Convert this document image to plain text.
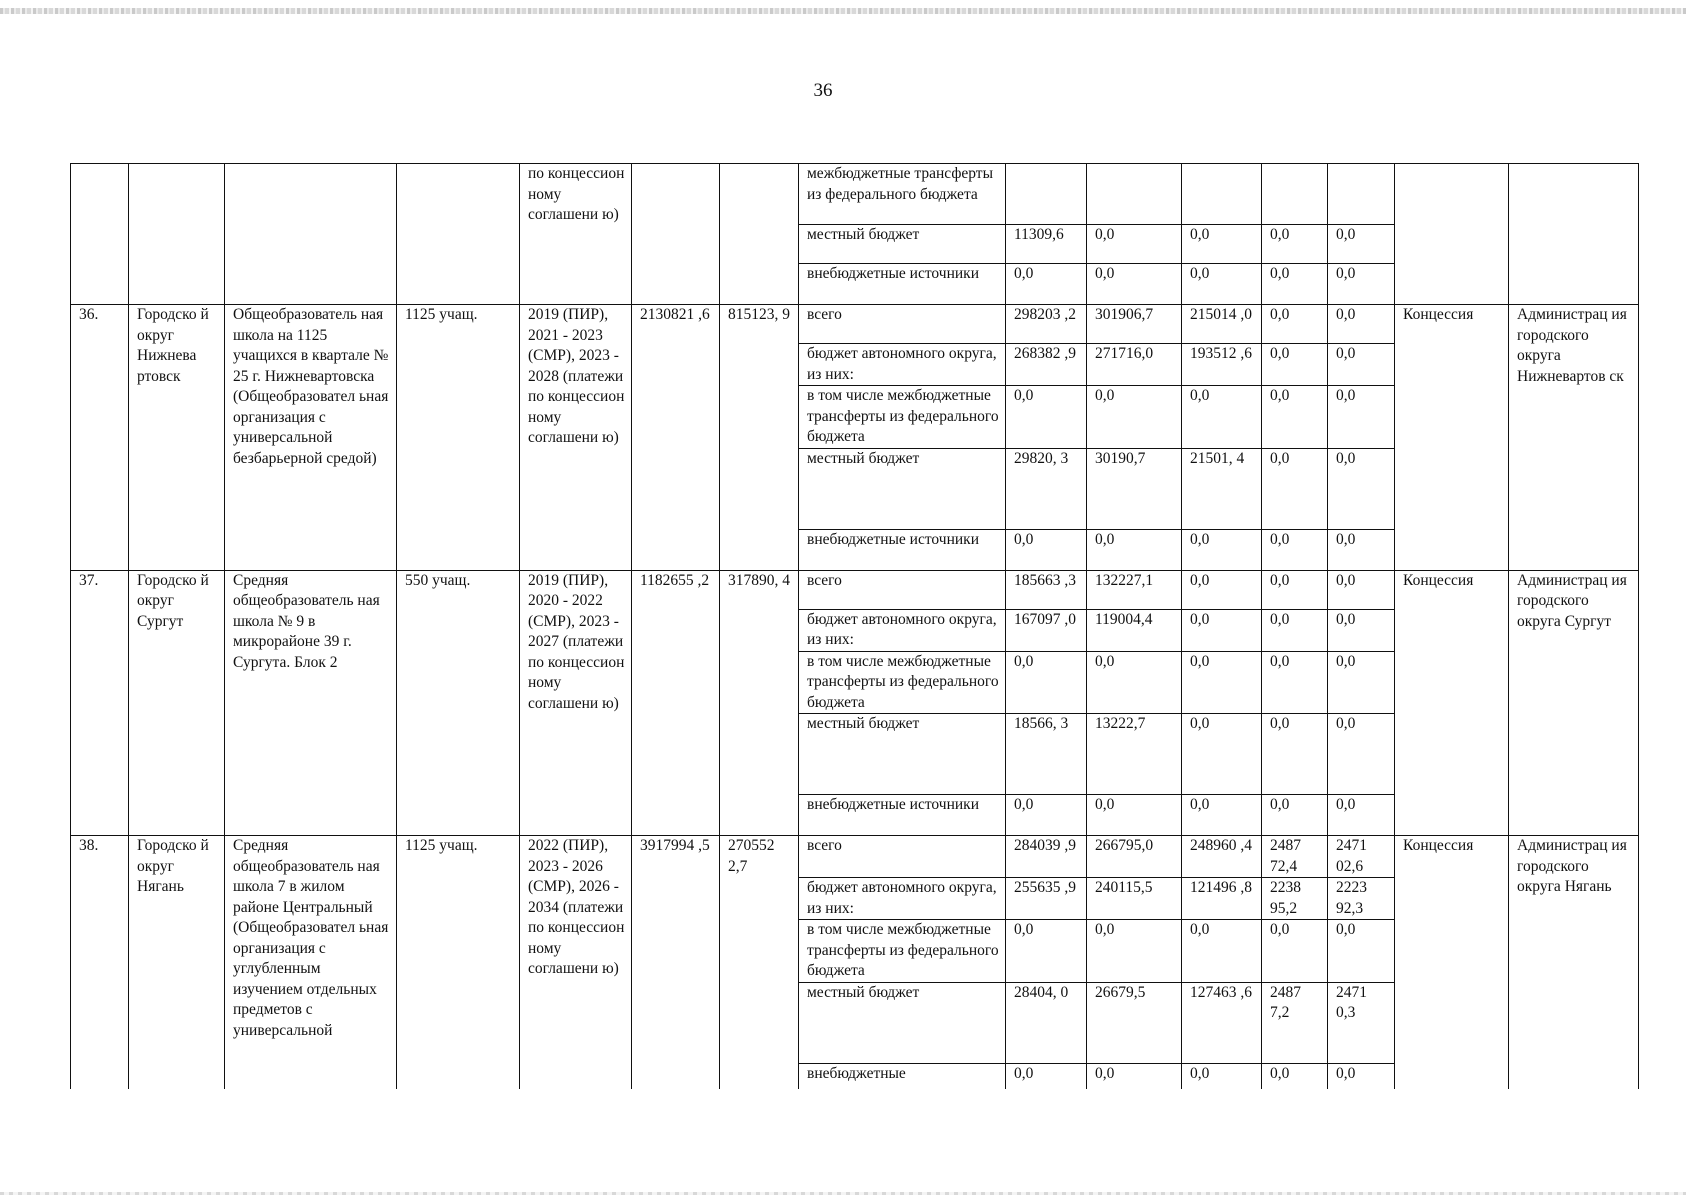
36
				по концессион ному соглашени ю)			межбюджетные трансферты из федерального бюджета							
							местный бюджет	11309,6	0,0	0,0	0,0	0,0		
							внебюджетные источники	0,0	0,0	0,0	0,0	0,0		
36.	Городско й округ Нижнева ртовск	Общеобразователь ная школа на 1125 учащихся в квартале № 25 г. Нижневартовска (Общеобразовател ьная организация с универсальной безбарьерной средой)	1125 учащ.	2019 (ПИР), 2021 - 2023 (СМР), 2023 - 2028 (платежи по концессион ному соглашени ю)	2130821 ,6	815123, 9	всего	298203 ,2	301906,7	215014 ,0	0,0	0,0	Концессия	Администрац ия городского округа Нижневартов ск
							бюджет автономного округа, из них:	268382 ,9	271716,0	193512 ,6	0,0	0,0		
							в том числе межбюджетные трансферты из федерального бюджета	0,0	0,0	0,0	0,0	0,0		
							местный бюджет	29820, 3	30190,7	21501, 4	0,0	0,0		
							внебюджетные источники	0,0	0,0	0,0	0,0	0,0		
37.	Городско й округ Сургут	Средняя общеобразователь ная школа № 9 в микрорайоне 39 г. Сургута. Блок 2	550 учащ.	2019 (ПИР), 2020 - 2022 (СМР), 2023 - 2027 (платежи по концессион ному соглашени ю)	1182655 ,2	317890, 4	всего	185663 ,3	132227,1	0,0	0,0	0,0	Концессия	Администрац ия городского округа Сургут
							бюджет автономного округа, из них:	167097 ,0	119004,4	0,0	0,0	0,0		
							в том числе межбюджетные трансферты из федерального бюджета	0,0	0,0	0,0	0,0	0,0		
							местный бюджет	18566, 3	13222,7	0,0	0,0	0,0		
							внебюджетные источники	0,0	0,0	0,0	0,0	0,0		
38.	Городско й округ Нягань	Средняя общеобразователь ная школа 7 в жилом районе Центральный (Общеобразовател ьная организация с углубленным изучением отдельных предметов с универсальной	1125 учащ.	2022 (ПИР), 2023 - 2026 (СМР), 2026 - 2034 (платежи по концессион ному соглашени ю)	3917994 ,5	270552 2,7	всего	284039 ,9	266795,0	248960 ,4	2487 72,4	2471 02,6	Концессия	Администрац ия городского округа Нягань
							бюджет автономного округа, из них:	255635 ,9	240115,5	121496 ,8	2238 95,2	2223 92,3		
							в том числе межбюджетные трансферты из федерального бюджета	0,0	0,0	0,0	0,0	0,0		
							местный бюджет	28404, 0	26679,5	127463 ,6	2487 7,2	2471 0,3		
							внебюджетные	0,0	0,0	0,0	0,0	0,0		
